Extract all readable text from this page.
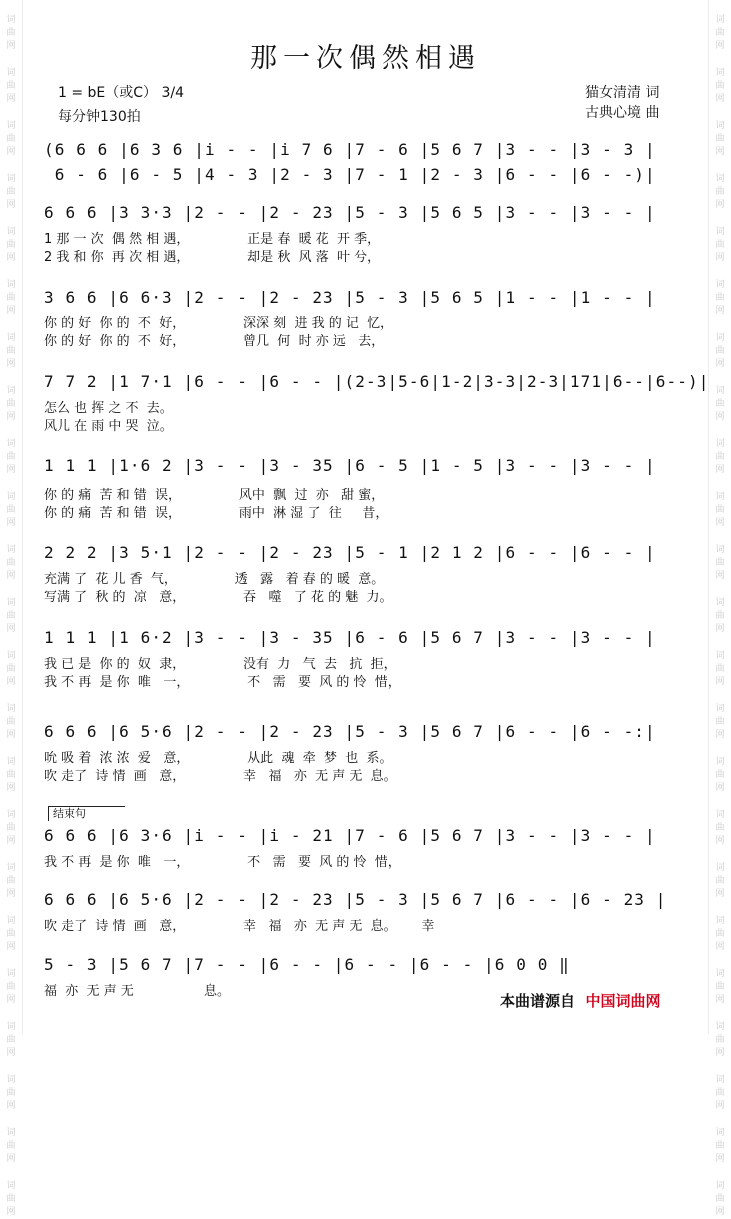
词
曲
网
词
曲
网
词
曲
网
词
曲
网
词
曲
网
词
曲
网
词
曲
网
词
曲
网
词
曲
网
词
曲
网
词
曲
网
词
曲
网
词
曲
网
词
曲
网
词
曲
网
词
曲
网
词
曲
网
词
曲
网
词
曲
网
词
曲
网
词
曲
网
词
曲
网
词
曲
网
词
曲
网
词
曲
网
词
曲
网
词
曲
网
词
曲
网
词
曲
网
词
曲
网
词
曲
网
词
曲
网
词
曲
网
词
曲
网
词
曲
网
词
曲
网
词
曲
网
词
曲
网
词
曲
网
词
曲
网
词
曲
网
词
曲
网
词
曲
网
词
曲
网
词
曲
网
词
曲
网
那一次偶然相遇
1 = bE（或C） 3/4
每分钟130拍
猫女清清 词
古典心境 曲
(6 6 6 |6 3 6 |i - - |i 7 6 |7 - 6 |5 6 7 |3 - - |3 - 3 |
6 - 6 |6 - 5 |4 - 3 |2 - 3 |7 - 1 |2 - 3 |6 - - |6 - -)|
6 6 6 |3 3·3 |2 - - |2 - 23 |5 - 3 |5 6 5 |3 - - |3 - - |
1 那 一 次  偶 然 相 遇，              正是 春  暖 花  开 季，
2 我 和 你  再 次 相 遇，              却是 秋  风 落  叶 兮，
3 6 6 |6 6·3 |2 - - |2 - 23 |5 - 3 |5 6 5 |1 - - |1 - - |
你 的 好  你 的  不  好，              深深 刻  进 我 的 记  忆，
你 的 好  你 的  不  好，              曾几  何  时 亦 远   去，
7 7 2 |1 7·1 |6 - - |6 - - |(2-3|5-6|1-2|3-3|2-3|171|6--|6--)|
怎么 也 挥 之 不  去。
风儿 在 雨 中 哭  泣。
1 1 1 |1·6 2 |3 - - |3 - 35 |6 - 5 |1 - 5 |3 - - |3 - - |
你 的 痛  苦 和 错  误，              风中  飘  过  亦   甜 蜜，
你 的 痛  苦 和 错  误，              雨中  淋 湿 了  往     昔，
2 2 2 |3 5·1 |2 - - |2 - 23 |5 - 1 |2 1 2 |6 - - |6 - - |
充满 了  花 儿 香  气，              透   露   着 春 的 暖  意。
写满 了  秋 的  凉   意，              吞   噬   了 花 的 魅  力。
1 1 1 |1 6·2 |3 - - |3 - 35 |6 - 6 |5 6 7 |3 - - |3 - - |
我 已 是  你 的  奴  隶，              没有  力   气  去   抗  拒，
我 不 再  是 你  唯   一，              不   需   要  风 的 怜  惜，
6 6 6 |6 5·6 |2 - - |2 - 23 |5 - 3 |5 6 7 |6 - - |6 - -:|
吮 吸 着  浓 浓  爱   意，              从此  魂  牵  梦  也  系。
吹 走了  诗 情  画   意，              幸   福   亦  无 声 无  息。
结束句
6 6 6 |6 3·6 |i - - |i - 21 |7 - 6 |5 6 7 |3 - - |3 - - |
我 不 再  是 你  唯   一，              不   需   要  风 的 怜  惜，
6 6 6 |6 5·6 |2 - - |2 - 23 |5 - 3 |5 6 7 |6 - - |6 - 23 |
吹 走了  诗 情  画   意，              幸   福   亦  无 声 无  息。      幸
5 - 3 |5 6 7 |7 - - |6 - - |6 - - |6 - - |6 0 0 ‖
福  亦  无 声 无                 息。
本曲谱源自 中国词曲网
